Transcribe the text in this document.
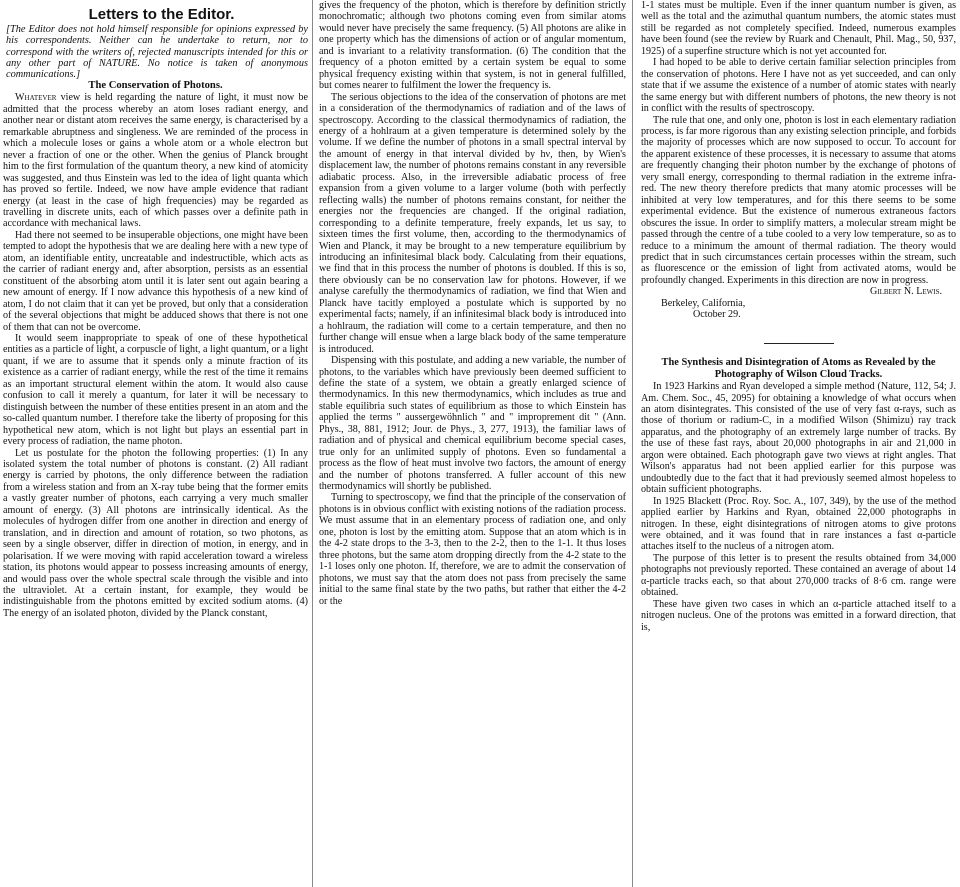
Letters to the Editor.

[The Editor does not hold himself responsible for opinions expressed by his correspondents. Neither can he undertake to return, nor to correspond with the writers of, rejected manuscripts intended for this or any other part of NATURE. No notice is taken of anonymous communications.]

The Conservation of Photons.

Whatever view is held regarding the nature of light, it must now be admitted that the process whereby an atom loses radiant energy, and another near or distant atom receives the same energy, is characterised by a remarkable abruptness and singleness. We are reminded of the process in which a molecule loses or gains a whole atom or a whole electron but never a fraction of one or the other. When the genius of Planck brought him to the first formulation of the quantum theory, a new kind of atomicity was suggested, and thus Einstein was led to the idea of light quanta which has proved so fertile. Indeed, we now have ample evidence that radiant energy (at least in the case of high frequencies) may be regarded as travelling in discrete units, each of which passes over a definite path in accordance with mechanical laws.

Had there not seemed to be insuperable objections, one might have been tempted to adopt the hypothesis that we are dealing here with a new type of atom, an identifiable entity, uncreatable and indestructible, which acts as the carrier of radiant energy and, after absorption, persists as an essential constituent of the absorbing atom until it is later sent out again bearing a new amount of energy. If I now advance this hypothesis of a new kind of atom, I do not claim that it can yet be proved, but only that a consideration of the several objections that might be adduced shows that there is not one of them that can not be overcome.

It would seem inappropriate to speak of one of these hypothetical entities as a particle of light, a corpuscle of light, a light quantum, or a light quant, if we are to assume that it spends only a minute fraction of its existence as a carrier of radiant energy, while the rest of the time it remains as an important structural element within the atom. It would also cause confusion to call it merely a quantum, for later it will be necessary to distinguish between the number of these entities present in an atom and the so-called quantum number. I therefore take the liberty of proposing for this hypothetical new atom, which is not light but plays an essential part in every process of radiation, the name photon.

Let us postulate for the photon the following properties: (1) In any isolated system the total number of photons is constant. (2) All radiant energy is carried by photons, the only difference between the radiation from a wireless station and from an X-ray tube being that the former emits a vastly greater number of photons, each carrying a very much smaller amount of energy. (3) All photons are intrinsically identical. As the molecules of hydrogen differ from one another in direction and energy of translation, and in direction and amount of rotation, so two photons, as seen by a single observer, differ in direction of motion, in energy, and in polarisation. If we were moving with rapid acceleration toward a wireless station, its photons would appear to possess increasing amounts of energy, and would pass over the whole spectral scale through the visible and into the ultraviolet. At a certain instant, for example, they would be indistinguishable from the photons emitted by excited sodium atoms. (4) The energy of an isolated photon, divided by the Planck constant,

gives the frequency of the photon, which is therefore by definition strictly monochromatic; although two photons coming even from similar atoms would never have precisely the same frequency. (5) All photons are alike in one property which has the dimensions of action or of angular momentum, and is invariant to a relativity transformation. (6) The condition that the frequency of a photon emitted by a certain system be equal to some physical frequency existing within that system, is not in general fulfilled, but comes nearer to fulfilment the lower the frequency is.

The serious objections to the idea of the conservation of photons are met in a consideration of the thermodynamics of radiation and of the laws of spectroscopy. According to the classical thermodynamics of radiation, the energy of a hohlraum at a given temperature is determined solely by the volume. If we define the number of photons in a small spectral interval by the amount of energy in that interval divided by hν, then, by Wien's displacement law, the number of photons remains constant in any reversible adiabatic process. Also, in the irreversible adiabatic process of free expansion from a given volume to a larger volume (both with perfectly reflecting walls) the number of photons remains constant, for neither the energies nor the frequencies are changed. If the original radiation, corresponding to a definite temperature, freely expands, let us say, to sixteen times the first volume, then, according to the thermodynamics of Wien and Planck, it may be brought to a new temperature equilibrium by introducing an infinitesimal black body. Calculating from their equations, we find that in this process the number of photons is doubled. If this is so, there obviously can be no conservation law for photons. However, if we analyse carefully the thermodynamics of radiation, we find that Wien and Planck have tacitly employed a postulate which is supported by no experimental facts; namely, if an infinitesimal black body is introduced into a hohlraum, the radiation will come to a certain temperature, and then no further change will ensue when a large black body of the same temperature is introduced.

Dispensing with this postulate, and adding a new variable, the number of photons, to the variables which have previously been deemed sufficient to define the state of a system, we obtain a greatly enlarged science of thermodynamics. In this new thermodynamics, which includes as true and stable equilibria such states of equilibrium as those to which Einstein has applied the terms " aussergewöhnlich " and " improprement dit " (Ann. Phys., 38, 881, 1912; Jour. de Phys., 3, 277, 1913), the familiar laws of radiation and of physical and chemical equilibrium become special cases, true only for an unlimited supply of photons. Even so fundamental a process as the flow of heat must involve two factors, the amount of energy and the number of photons transferred. A fuller account of this new thermodynamics will shortly be published.

Turning to spectroscopy, we find that the principle of the conservation of photons is in obvious conflict with existing notions of the radiation process. We must assume that in an elementary process of radiation one, and only one, photon is lost by the emitting atom. Suppose that an atom which is in the 4-2 state drops to the 3-3, then to the 2-2, then to the 1-1. It thus loses three photons, but the same atom dropping directly from the 4-2 state to the 1-1 loses only one photon. If, therefore, we are to admit the conservation of photons, we must say that the atom does not pass from precisely the same initial to the same final state by the two paths, but rather that either the 4-2 or the

1-1 states must be multiple. Even if the inner quantum number is given, as well as the total and the azimuthal quantum numbers, the atomic states must still be regarded as not completely specified. Indeed, numerous examples have been found (see the review by Ruark and Chenault, Phil. Mag., 50, 937, 1925) of a superfine structure which is not yet accounted for.

I had hoped to be able to derive certain familiar selection principles from the conservation of photons. Here I have not as yet succeeded, and can only state that if we assume the existence of a number of atomic states with nearly the same energy but with different numbers of photons, the new theory is not in conflict with the results of spectroscopy.

The rule that one, and only one, photon is lost in each elementary radiation process, is far more rigorous than any existing selection principle, and forbids the majority of processes which are now supposed to occur. To account for the apparent existence of these processes, it is necessary to assume that atoms are frequently changing their photon number by the exchange of photons of very small energy, corresponding to thermal radiation in the extreme infra-red. The new theory therefore predicts that many atomic processes will be inhibited at very low temperatures, and for this there seems to be some experimental evidence. But the existence of numerous extraneous factors obscures the issue. In order to simplify matters, a molecular stream might be passed through the centre of a tube cooled to a very low temperature, so as to reduce to a minimum the amount of thermal radiation. The theory would predict that in such circumstances certain processes within the stream, such as fluorescence or the emission of light from activated atoms, would be profoundly changed. Experiments in this direction are now in progress.

Gilbert N. Lewis.

Berkeley, California,

October 29.

The Synthesis and Disintegration of Atoms as Revealed by the Photography of Wilson Cloud Tracks.

In 1923 Harkins and Ryan developed a simple method (Nature, 112, 54; J. Am. Chem. Soc., 45, 2095) for obtaining a knowledge of what occurs when an atom disintegrates. This consisted of the use of very fast α-rays, such as those of thorium or radium-C, in a modified Wilson (Shimizu) ray track apparatus, and the photography of an extremely large number of tracks. By the use of these fast rays, about 20,000 photographs in air and 21,000 in argon were obtained. Each photograph gave two views at right angles. That Wilson's apparatus had not been applied earlier for this purpose was undoubtedly due to the fact that it had previously seemed almost hopeless to obtain sufficient photographs.

In 1925 Blackett (Proc. Roy. Soc. A., 107, 349), by the use of the method applied earlier by Harkins and Ryan, obtained 22,000 photographs in nitrogen. In these, eight disintegrations of nitrogen atoms to give protons were obtained, and it was found that in rare instances a fast α-particle attaches itself to the nucleus of a nitrogen atom.

The purpose of this letter is to present the results obtained from 34,000 photographs not previously reported. These contained an average of about 14 α-particle tracks each, so that about 270,000 tracks of 8·6 cm. range were obtained.

These have given two cases in which an α-particle attached itself to a nitrogen nucleus. One of the protons was emitted in a forward direction, that is,
